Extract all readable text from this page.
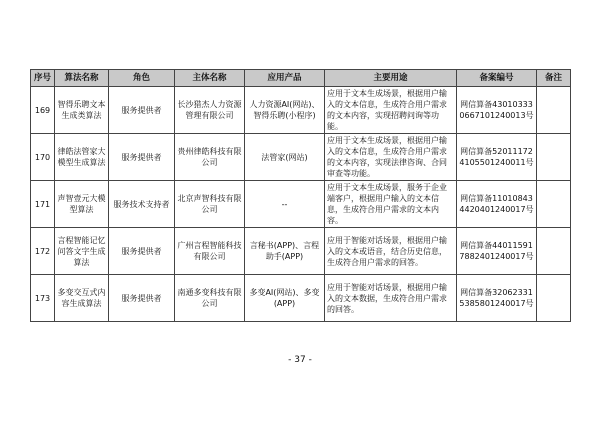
序号	算法名称	角色	主体名称	应用产品	主要用途	备案编号	备注
169	智得乐聘文本生成类算法	服务提供者	长沙猎杰人力资源管理有限公司	人力资源AI(网站)、智得乐聘(小程序)	应用于文本生成场景，根据用户输入的文本信息，生成符合用户需求的文本内容，实现招聘问询等功能。	网信算备430103330667101240013号	
170	律皓法管家大模型生成算法	服务提供者	贵州律皓科技有限公司	法管家(网站)	应用于文本生成场景，根据用户输入的文本信息，生成符合用户需求的文本内容，实现法律咨询、合同审查等功能。	网信算备520111724105501240011号	
171	声智壹元大模型算法	服务技术支持者	北京声智科技有限公司	--	应用于文本生成场景，服务于企业端客户，根据用户输入的文本信息，生成符合用户需求的文本内容。	网信算备110108434420401240017号	
172	言程智能记忆问答文字生成算法	服务提供者	广州言程智能科技有限公司	言秘书(APP)、言程助手(APP)	应用于智能对话场景，根据用户输入的文本或语音，结合历史信息，生成符合用户需求的回答。	网信算备440115917882401240017号	
173	多变交互式内容生成算法	服务提供者	南通多变科技有限公司	多变AI(网站)、多变(APP)	应用于智能对话场景，根据用户输入的文本数据，生成符合用户需求的回答。	网信算备320623315385801240017号	
- 37 -
